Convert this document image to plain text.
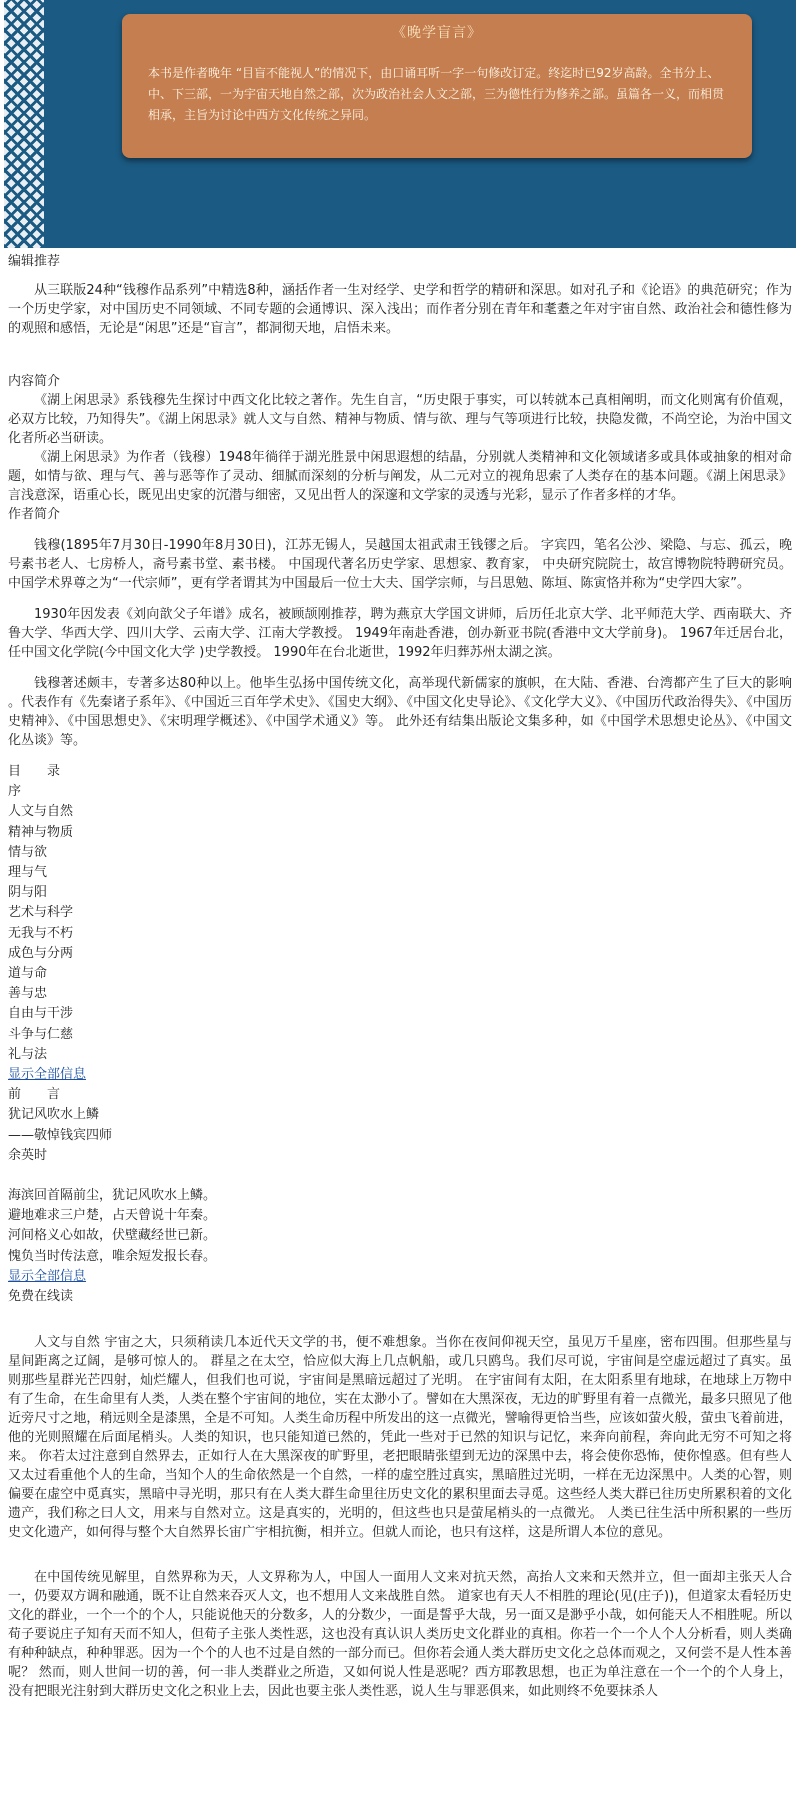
《晚学盲言》
本书是作者晚年 “目盲不能视人”的情况下，由口诵耳听一字一句修改订定。终迄时已92岁高龄。全书分上、中、下三部，一为宇宙天地自然之部，次为政治社会人文之部，三为德性行为修养之部。虽篇各一义，而相贯相承，主旨为讨论中西方文化传统之异同。
编辑推荐
从三联版24种“钱穆作品系列”中精选8种，涵括作者一生对经学、史学和哲学的精研和深思。如对孔子和《论语》的典范研究；作为一个历史学家，对中国历史不同领域、不同专题的会通博识、深入浅出；而作者分别在青年和耄耋之年对宇宙自然、政治社会和德性修为的观照和感悟，无论是“闲思”还是“盲言”，都洞彻天地，启悟未来。
内容简介
《湖上闲思录》系钱穆先生探讨中西文化比较之著作。先生自言，“历史限于事实，可以转就本己真相阐明，而文化则寓有价值观，必双方比较，乃知得失”。《湖上闲思录》就人文与自然、精神与物质、情与欲、理与气等项进行比较，抉隐发微，不尚空论，为治中国文化者所必当研读。
《湖上闲思录》为作者（钱穆）1948年徜徉于湖光胜景中闲思遐想的结晶，分别就人类精神和文化领域诸多或具体或抽象的相对命题，如情与欲、理与气、善与恶等作了灵动、细腻而深刻的分析与阐发，从二元对立的视角思索了人类存在的基本问题。《湖上闲思录》言浅意深，语重心长，既见出史家的沉潜与细密，又见出哲人的深邃和文学家的灵透与光彩，显示了作者多样的才华。
作者简介
钱穆(1895年7月30日-1990年8月30日)，江苏无锡人，吴越国太祖武肃王钱镠之后。 字宾四，笔名公沙、梁隐、与忘、孤云，晚号素书老人、七房桥人，斋号素书堂、素书楼。 中国现代著名历史学家、思想家、教育家， 中央研究院院士，故宫博物院特聘研究员。 中国学术界尊之为“一代宗师”，更有学者谓其为中国最后一位士大夫、国学宗师，与吕思勉、陈垣、陈寅恪并称为“史学四大家”。
1930年因发表《刘向歆父子年谱》成名，被顾颉刚推荐，聘为燕京大学国文讲师，后历任北京大学、北平师范大学、西南联大、齐鲁大学、华西大学、四川大学、云南大学、江南大学教授。 1949年南赴香港，创办新亚书院(香港中文大学前身)。 1967年迁居台北，任中国文化学院(今中国文化大学 )史学教授。 1990年在台北逝世，1992年归葬苏州太湖之滨。
钱穆著述颇丰，专著多达80种以上。他毕生弘扬中国传统文化，高举现代新儒家的旗帜，在大陆、香港、台湾都产生了巨大的影响 。代表作有《先秦诸子系年》、《中国近三百年学术史》、《国史大纲》、《中国文化史导论》、《文化学大义》、《中国历代政治得失》、《中国历史精神》、《中国思想史》、《宋明理学概述》、《中国学术通义》等。 此外还有结集出版论文集多种，如《中国学术思想史论丛》、《中国文化丛谈》等。
目　　录
序
人文与自然
精神与物质
情与欲
理与气
阴与阳
艺术与科学
无我与不朽
成色与分两
道与命
善与忠
自由与干涉
斗争与仁慈
礼与法
显示全部信息
前　　言
犹记风吹水上鳞
——敬悼钱宾四师
余英时
海滨回首隔前尘，犹记风吹水上鳞。
避地难求三户楚，占天曾说十年秦。
河间格义心如故，伏壁藏经世已新。
愧负当时传法意，唯余短发报长春。
显示全部信息
免费在线读
人文与自然 宇宙之大，只须稍读几本近代天文学的书，便不难想象。当你在夜间仰视天空，虽见万千星座，密布四围。但那些星与星间距离之辽阔，是够可惊人的。 群星之在太空，恰应似大海上几点帆船，或几只鸥鸟。我们尽可说，宇宙间是空虚远超过了真实。虽则那些星群光芒四射，灿烂耀人，但我们也可说，宇宙间是黑暗远超过了光明。 在宇宙间有太阳，在太阳系里有地球，在地球上万物中有了生命，在生命里有人类，人类在整个宇宙间的地位，实在太渺小了。譬如在大黑深夜，无边的旷野里有着一点微光，最多只照见了他近旁尺寸之地，稍远则全是漆黑，全是不可知。人类生命历程中所发出的这一点微光，譬喻得更恰当些，应该如萤火般，萤虫飞着前进，他的光则照耀在后面尾梢头。人类的知识，也只能知道已然的，凭此一些对于已然的知识与记忆，来奔向前程，奔向此无穷不可知之将来。 你若太过注意到自然界去，正如行人在大黑深夜的旷野里，老把眼睛张望到无边的深黑中去，将会使你恐怖，使你惶惑。但有些人又太过看重他个人的生命，当知个人的生命依然是一个自然，一样的虚空胜过真实，黑暗胜过光明，一样在无边深黑中。人类的心智，则偏要在虚空中觅真实，黑暗中寻光明，那只有在人类大群生命里往历史文化的累积里面去寻觅。这些经人类大群已往历史所累积着的文化遗产，我们称之曰人文，用来与自然对立。这是真实的，光明的，但这些也只是萤尾梢头的一点微光。 人类已往生活中所积累的一些历史文化遗产，如何得与整个大自然界长宙广宇相抗衡，相并立。但就人而论，也只有这样，这是所谓人本位的意见。
在中国传统见解里，自然界称为天，人文界称为人，中国人一面用人文来对抗天然，高抬人文来和天然并立，但一面却主张天人合一，仍要双方调和融通，既不让自然来吞灭人文，也不想用人文来战胜自然。 道家也有天人不相胜的理论(见(庄子))，但道家太看轻历史文化的群业，一个一个的个人，只能说他天的分数多，人的分数少，一面是誓乎大哉，另一面又是渺乎小哉，如何能天人不相胜呢。所以荀子要说庄子知有天而不知人，但荀子主张人类性恶，这也没有真认识人类历史文化群业的真相。你若一个一个人个人分析看，则人类确有种种缺点，种种罪恶。因为一个个的人也不过是自然的一部分而已。但你若会通人类大群历史文化之总体而观之，又何尝不是人性本善呢？ 然而，则人世间一切的善，何一非人类群业之所造，又如何说人性是恶呢？西方耶教思想，也正为单注意在一个一个的个人身上，没有把眼光注射到大群历史文化之积业上去，因此也要主张人类性恶，说人生与罪恶俱来，如此则终不免要抹杀人
